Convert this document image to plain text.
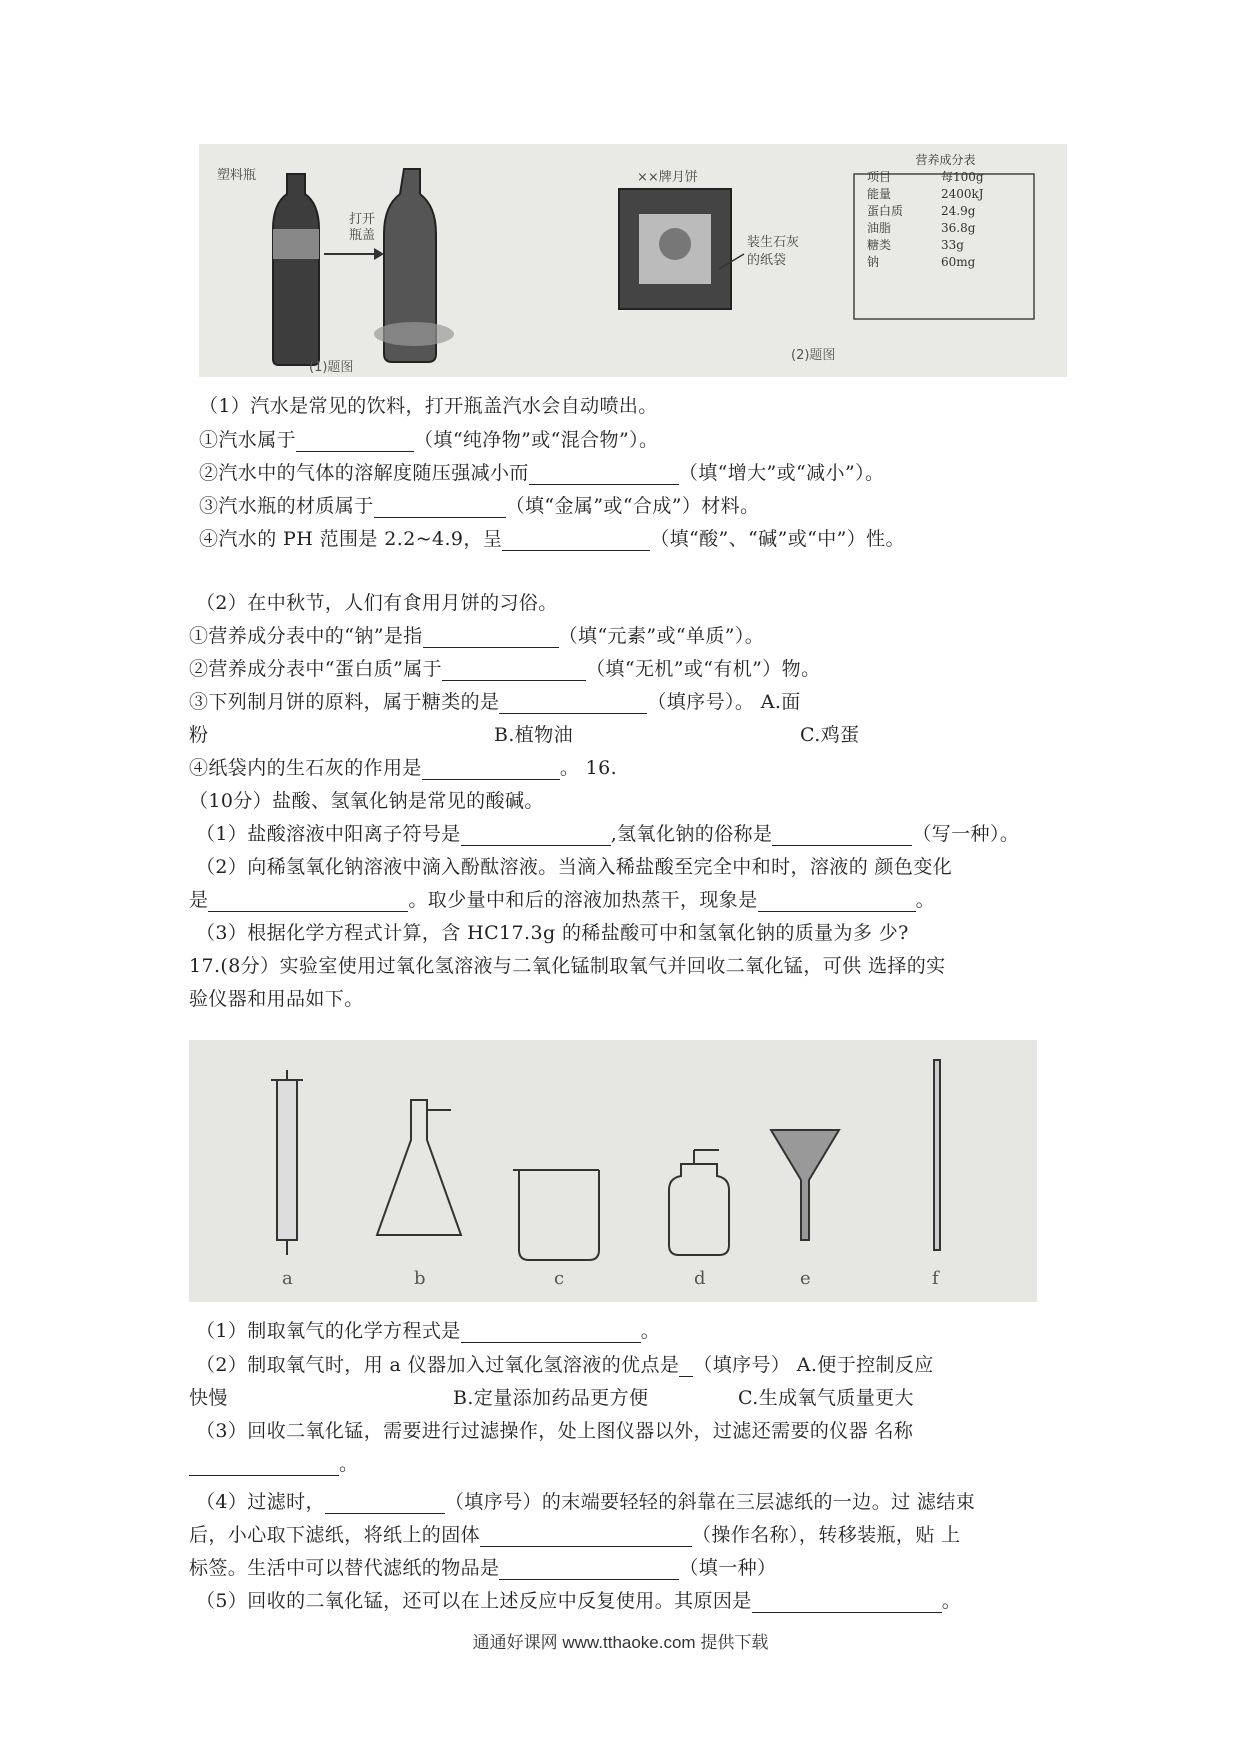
塑料瓶
打开
瓶盖
(1)题图
××牌月饼
装生石灰
的纸袋
(2)题图
营养成分表
项目	每100g
能量	2400kJ
蛋白质	24.9g
油脂	36.8g
糖类	33g
钠	60mg
（1）汽水是常见的饮料，打开瓶盖汽水会自动喷出。
①汽水属于	（填“纯净物”或“混合物”）。
②汽水中的气体的溶解度随压强减小而	（填“增大”或“减小”）。
③汽水瓶的材质属于	（填“金属”或“合成”）材料。
④汽水的 PH 范围是 2.2~4.9，呈	（填“酸”、“碱”或“中”）性。
（2）在中秋节，人们有食用月饼的习俗。
①营养成分表中的“钠”是指	（填“元素”或“单质”）。
②营养成分表中“蛋白质”属于	（填“无机”或“有机”）物。
③下列制月饼的原料，属于糖类的是	（填序号）。 A.面
粉	B.植物油	C.鸡蛋
④纸袋内的生石灰的作用是	。 16.
（10分）盐酸、氢氧化钠是常见的酸碱。
（1）盐酸溶液中阳离子符号是	,氢氧化钠的俗称是	（写一种）。
（2）向稀氢氧化钠溶液中滴入酚酞溶液。当滴入稀盐酸至完全中和时，溶液的 颜色变化
是	。取少量中和后的溶液加热蒸干，现象是	。
（3）根据化学方程式计算，含 HC17.3g 的稀盐酸可中和氢氧化钠的质量为多 少?
17.(8分）实验室使用过氧化氢溶液与二氧化锰制取氧气并回收二氧化锰，可供 选择的实
验仪器和用品如下。
a	b	c	d	e	f
（1）制取氧气的化学方程式是	。
（2）制取氧气时，用 a 仪器加入过氧化氢溶液的优点是 （填序号） A.便于控制反应
快慢	B.定量添加药品更方便	C.生成氧气质量更大
（3）回收二氧化锰，需要进行过滤操作，处上图仪器以外，过滤还需要的仪器 名称
。
（4）过滤时，	（填序号）的末端要轻轻的斜靠在三层滤纸的一边。过 滤结束
后，小心取下滤纸，将纸上的固体	（操作名称），转移装瓶，贴 上
标签。生活中可以替代滤纸的物品是	（填一种）
（5）回收的二氧化锰，还可以在上述反应中反复使用。其原因是	。
通通好课网 www.tthaoke.com 提供下载
